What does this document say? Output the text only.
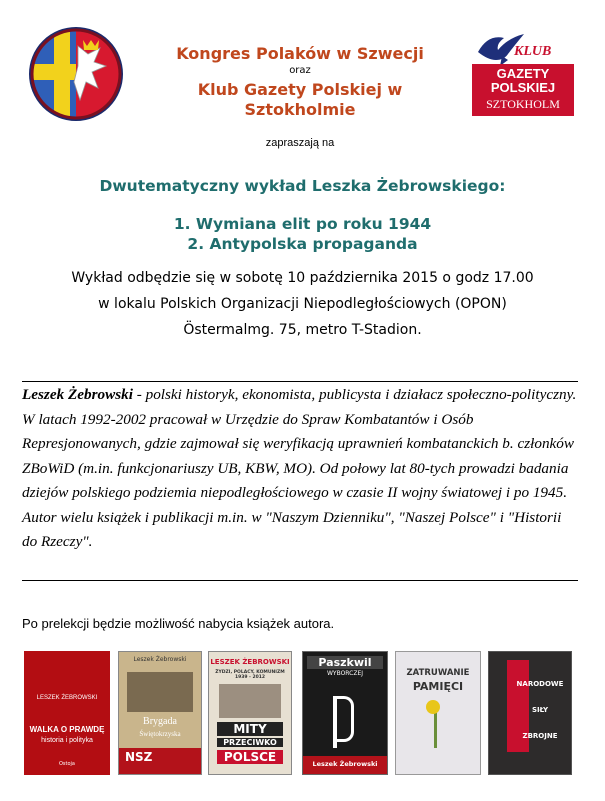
Kongres Polaków w Szwecji
oraz
Klub Gazety Polskiej w
Sztokholmie
zapraszają na
KLUB
GAZETY
POLSKIEJ
SZTOKHOLM
Dwutematyczny wykład Leszka Żebrowskiego:
1. Wymiana elit po roku 1944
2. Antypolska propaganda
Wykład odbędzie się w sobotę 10 października 2015 o godz 17.00
w lokalu Polskich Organizacji Niepodległościowych (OPON)
Östermalmg. 75, metro T-Stadion.
Leszek Żebrowski - polski historyk, ekonomista, publicysta i działacz społeczno-polityczny. W latach 1992-2002 pracował w Urzędzie do Spraw Kombatantów i Osób Represjonowanych, gdzie zajmował się weryfikacją uprawnień kombatanckich b. członków ZBoWiD (m.in. funkcjonariuszy UB, KBW, MO). Od połowy lat 80-tych prowadzi badania dziejów polskiego podziemia niepodległościowego w czasie II wojny światowej i po 1945. Autor wielu książek i publikacji m.in. w "Naszym Dzienniku", "Naszej Polsce" i "Historii do Rzeczy".
Po prelekcji będzie możliwość nabycia książek autora.
LESZEK ŻEBROWSKI
WALKA O PRAWDĘ
historia i polityka
Ostoja
Leszek Żebrowski
Brygada
Świętokrzyska
NSZ
LESZEK ŻEBROWSKI
ŻYDZI, POLACY, KOMUNIZM 1939 - 2012
MITY
PRZECIWKO
POLSCE
Paszkwil
WYBORCZEJ
Leszek Żebrowski
ZATRUWANIE
PAMIĘCI	NARODOWE
SIŁY
ZBROJNE
